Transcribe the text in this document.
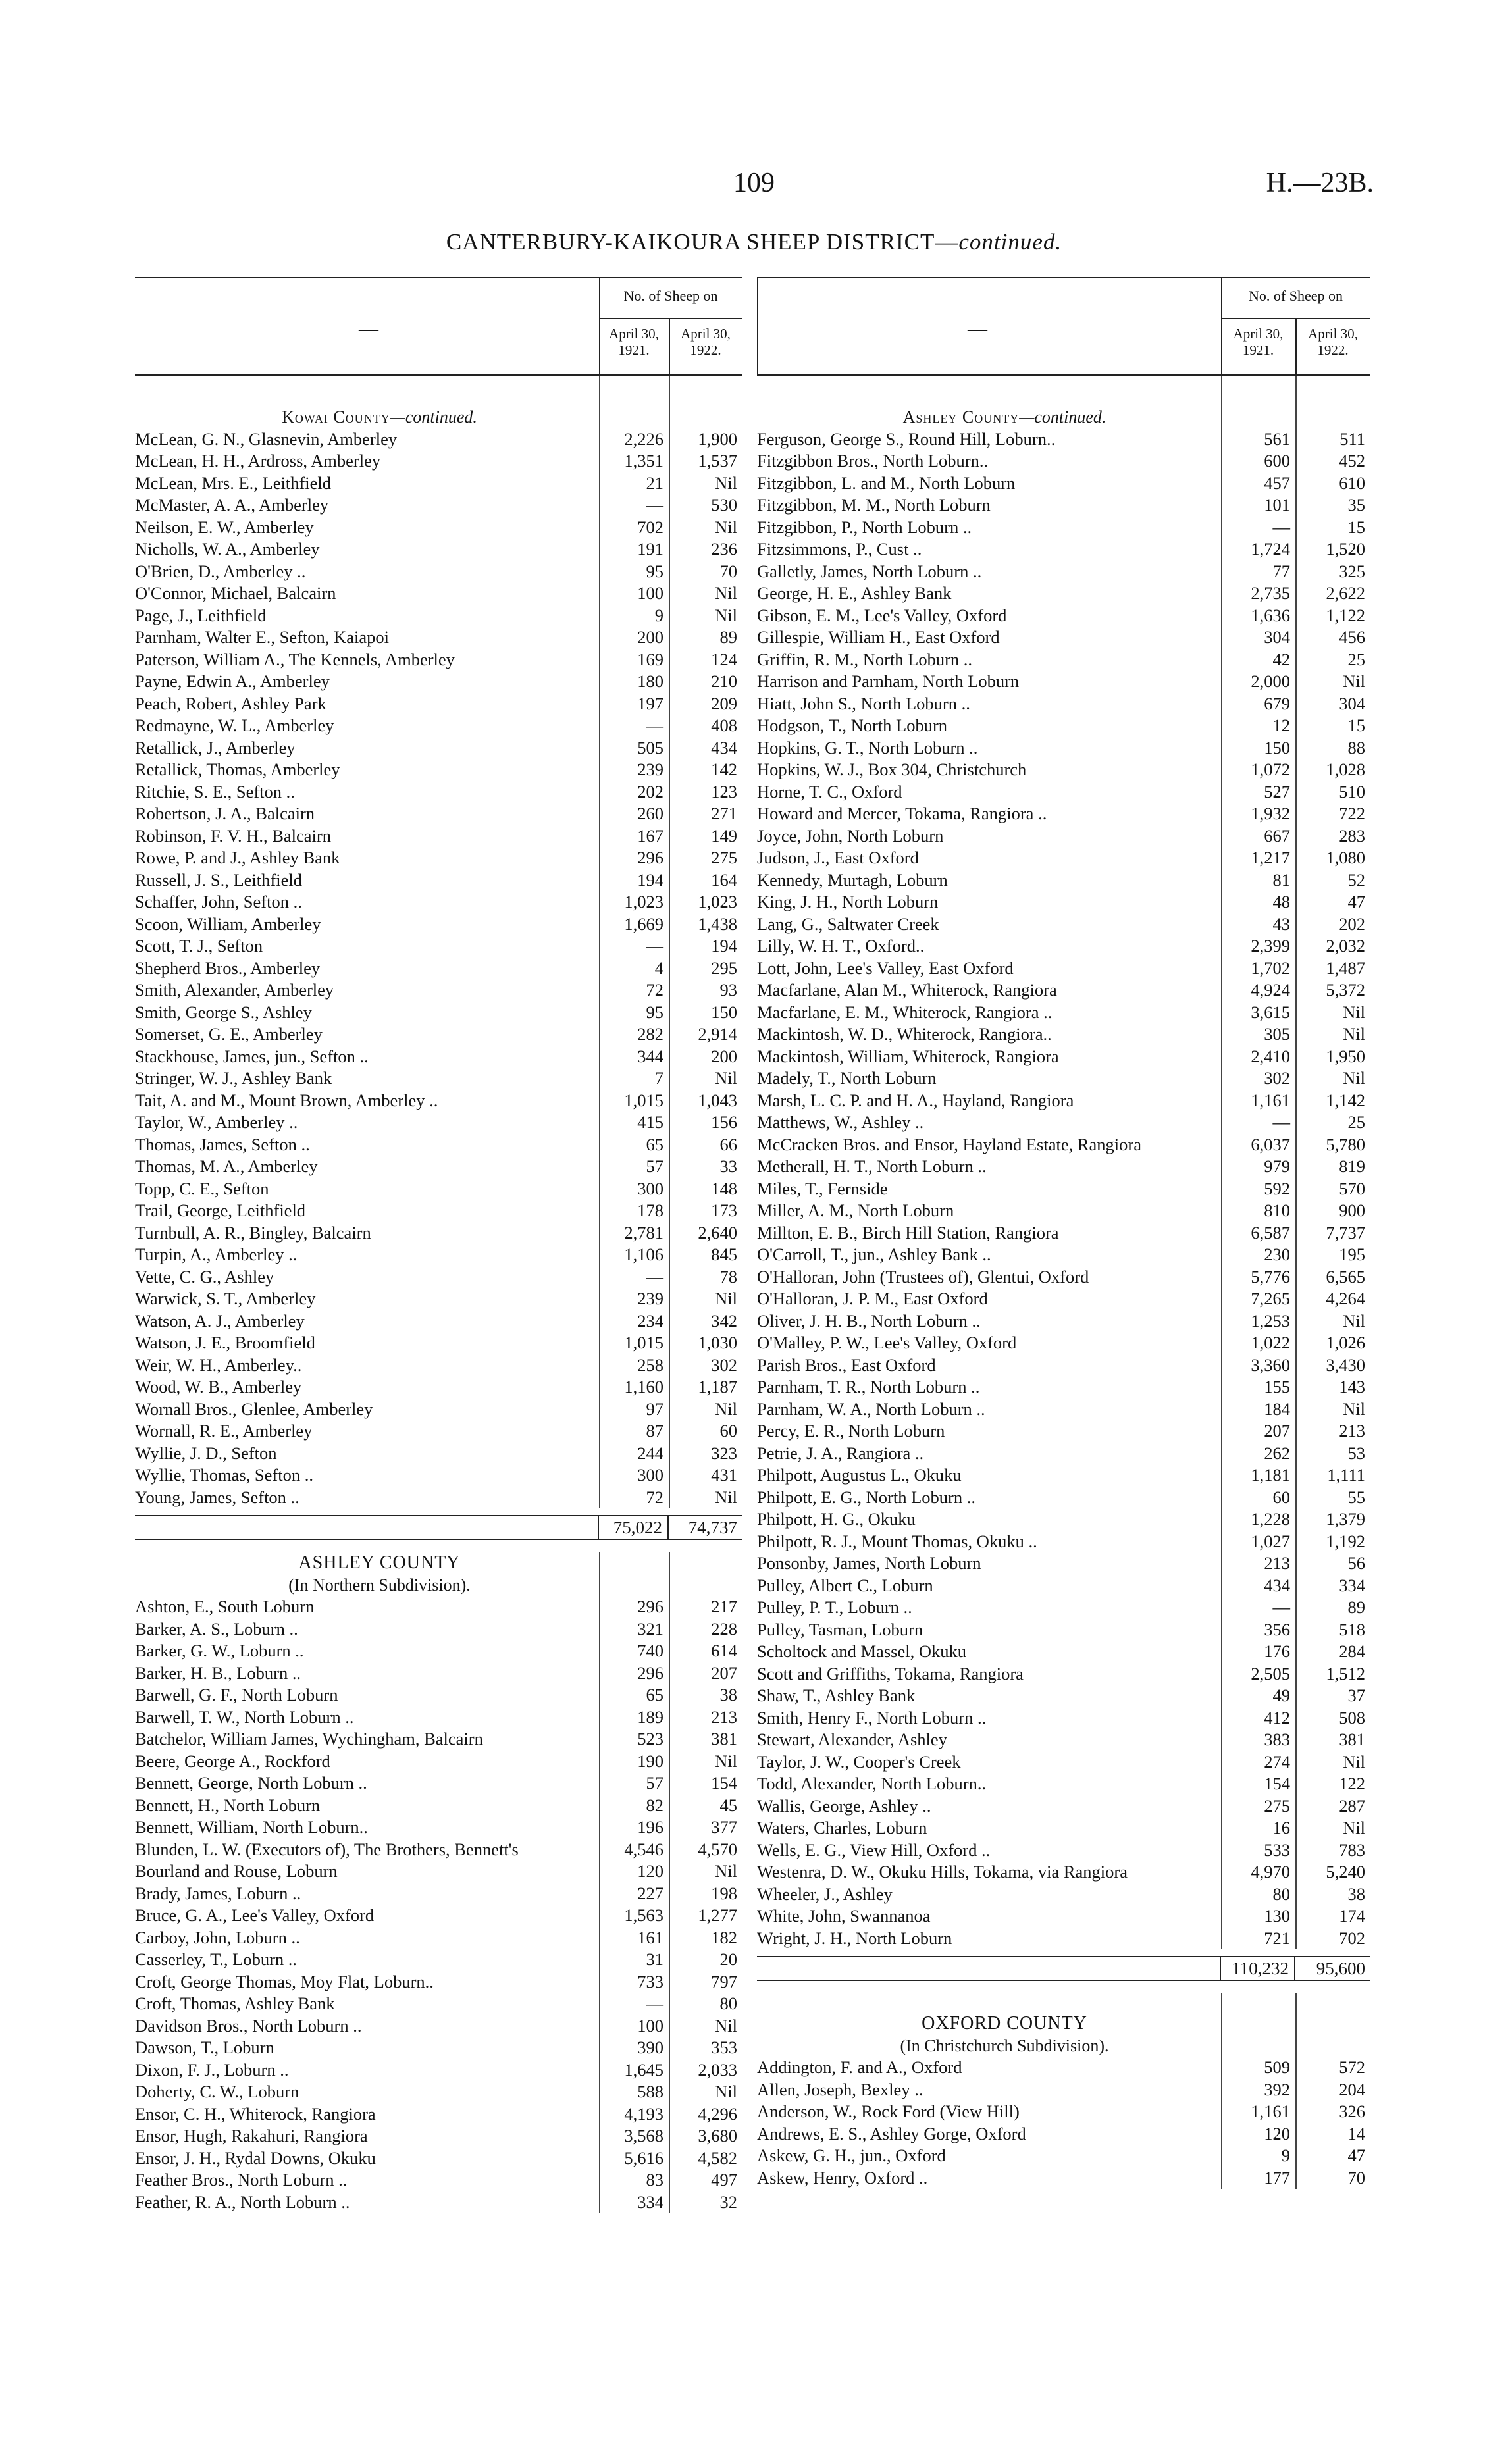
109	H.—23B.
CANTERBURY-KAIKOURA SHEEP DISTRICT—continued.
—
No. of Sheep on
April 30,
1921.
April 30,
1922.
Kowai County—continued.
McLean, G. N., Glasnevin, Amberley	2,226	1,900
McLean, H. H., Ardross, Amberley	1,351	1,537
McLean, Mrs. E., Leithfield	21	Nil
McMaster, A. A., Amberley	—	530
Neilson, E. W., Amberley	702	Nil
Nicholls, W. A., Amberley	191	236
O'Brien, D., Amberley ..	95	70
O'Connor, Michael, Balcairn	100	Nil
Page, J., Leithfield	9	Nil
Parnham, Walter E., Sefton, Kaiapoi	200	89
Paterson, William A., The Kennels, Amberley	169	124
Payne, Edwin A., Amberley	180	210
Peach, Robert, Ashley Park	197	209
Redmayne, W. L., Amberley	—	408
Retallick, J., Amberley	505	434
Retallick, Thomas, Amberley	239	142
Ritchie, S. E., Sefton ..	202	123
Robertson, J. A., Balcairn	260	271
Robinson, F. V. H., Balcairn	167	149
Rowe, P. and J., Ashley Bank	296	275
Russell, J. S., Leithfield	194	164
Schaffer, John, Sefton ..	1,023	1,023
Scoon, William, Amberley	1,669	1,438
Scott, T. J., Sefton	—	194
Shepherd Bros., Amberley	4	295
Smith, Alexander, Amberley	72	93
Smith, George S., Ashley	95	150
Somerset, G. E., Amberley	282	2,914
Stackhouse, James, jun., Sefton ..	344	200
Stringer, W. J., Ashley Bank	7	Nil
Tait, A. and M., Mount Brown, Amberley ..	1,015	1,043
Taylor, W., Amberley ..	415	156
Thomas, James, Sefton ..	65	66
Thomas, M. A., Amberley	57	33
Topp, C. E., Sefton	300	148
Trail, George, Leithfield	178	173
Turnbull, A. R., Bingley, Balcairn	2,781	2,640
Turpin, A., Amberley ..	1,106	845
Vette, C. G., Ashley	—	78
Warwick, S. T., Amberley	239	Nil
Watson, A. J., Amberley	234	342
Watson, J. E., Broomfield	1,015	1,030
Weir, W. H., Amberley..	258	302
Wood, W. B., Amberley	1,160	1,187
Wornall Bros., Glenlee, Amberley	97	Nil
Wornall, R. E., Amberley	87	60
Wyllie, J. D., Sefton	244	323
Wyllie, Thomas, Sefton ..	300	431
Young, James, Sefton ..	72	Nil
75,022	74,737
ASHLEY COUNTY
(In Northern Subdivision).
Ashton, E., South Loburn	296	217
Barker, A. S., Loburn ..	321	228
Barker, G. W., Loburn ..	740	614
Barker, H. B., Loburn ..	296	207
Barwell, G. F., North Loburn	65	38
Barwell, T. W., North Loburn ..	189	213
Batchelor, William James, Wychingham, Balcairn	523	381
Beere, George A., Rockford	190	Nil
Bennett, George, North Loburn ..	57	154
Bennett, H., North Loburn	82	45
Bennett, William, North Loburn..	196	377
Blunden, L. W. (Executors of), The Brothers, Bennett's	4,546	4,570
Bourland and Rouse, Loburn	120	Nil
Brady, James, Loburn ..	227	198
Bruce, G. A., Lee's Valley, Oxford	1,563	1,277
Carboy, John, Loburn ..	161	182
Casserley, T., Loburn ..	31	20
Croft, George Thomas, Moy Flat, Loburn..	733	797
Croft, Thomas, Ashley Bank	—	80
Davidson Bros., North Loburn ..	100	Nil
Dawson, T., Loburn	390	353
Dixon, F. J., Loburn ..	1,645	2,033
Doherty, C. W., Loburn	588	Nil
Ensor, C. H., Whiterock, Rangiora	4,193	4,296
Ensor, Hugh, Rakahuri, Rangiora	3,568	3,680
Ensor, J. H., Rydal Downs, Okuku	5,616	4,582
Feather Bros., North Loburn ..	83	497
Feather, R. A., North Loburn ..	334	32
—
No. of Sheep on
April 30,
1921.
April 30,
1922.
Ashley County—continued.
Ferguson, George S., Round Hill, Loburn..	561	511
Fitzgibbon Bros., North Loburn..	600	452
Fitzgibbon, L. and M., North Loburn	457	610
Fitzgibbon, M. M., North Loburn	101	35
Fitzgibbon, P., North Loburn ..	—	15
Fitzsimmons, P., Cust ..	1,724	1,520
Galletly, James, North Loburn ..	77	325
George, H. E., Ashley Bank	2,735	2,622
Gibson, E. M., Lee's Valley, Oxford	1,636	1,122
Gillespie, William H., East Oxford	304	456
Griffin, R. M., North Loburn ..	42	25
Harrison and Parnham, North Loburn	2,000	Nil
Hiatt, John S., North Loburn ..	679	304
Hodgson, T., North Loburn	12	15
Hopkins, G. T., North Loburn ..	150	88
Hopkins, W. J., Box 304, Christchurch	1,072	1,028
Horne, T. C., Oxford	527	510
Howard and Mercer, Tokama, Rangiora ..	1,932	722
Joyce, John, North Loburn	667	283
Judson, J., East Oxford	1,217	1,080
Kennedy, Murtagh, Loburn	81	52
King, J. H., North Loburn	48	47
Lang, G., Saltwater Creek	43	202
Lilly, W. H. T., Oxford..	2,399	2,032
Lott, John, Lee's Valley, East Oxford	1,702	1,487
Macfarlane, Alan M., Whiterock, Rangiora	4,924	5,372
Macfarlane, E. M., Whiterock, Rangiora ..	3,615	Nil
Mackintosh, W. D., Whiterock, Rangiora..	305	Nil
Mackintosh, William, Whiterock, Rangiora	2,410	1,950
Madely, T., North Loburn	302	Nil
Marsh, L. C. P. and H. A., Hayland, Rangiora	1,161	1,142
Matthews, W., Ashley ..	—	25
McCracken Bros. and Ensor, Hayland Estate, Rangiora	6,037	5,780
Metherall, H. T., North Loburn ..	979	819
Miles, T., Fernside	592	570
Miller, A. M., North Loburn	810	900
Millton, E. B., Birch Hill Station, Rangiora	6,587	7,737
O'Carroll, T., jun., Ashley Bank ..	230	195
O'Halloran, John (Trustees of), Glentui, Oxford	5,776	6,565
O'Halloran, J. P. M., East Oxford	7,265	4,264
Oliver, J. H. B., North Loburn ..	1,253	Nil
O'Malley, P. W., Lee's Valley, Oxford	1,022	1,026
Parish Bros., East Oxford	3,360	3,430
Parnham, T. R., North Loburn ..	155	143
Parnham, W. A., North Loburn ..	184	Nil
Percy, E. R., North Loburn	207	213
Petrie, J. A., Rangiora ..	262	53
Philpott, Augustus L., Okuku	1,181	1,111
Philpott, E. G., North Loburn ..	60	55
Philpott, H. G., Okuku	1,228	1,379
Philpott, R. J., Mount Thomas, Okuku ..	1,027	1,192
Ponsonby, James, North Loburn	213	56
Pulley, Albert C., Loburn	434	334
Pulley, P. T., Loburn ..	—	89
Pulley, Tasman, Loburn	356	518
Scholtock and Massel, Okuku	176	284
Scott and Griffiths, Tokama, Rangiora	2,505	1,512
Shaw, T., Ashley Bank	49	37
Smith, Henry F., North Loburn ..	412	508
Stewart, Alexander, Ashley	383	381
Taylor, J. W., Cooper's Creek	274	Nil
Todd, Alexander, North Loburn..	154	122
Wallis, George, Ashley ..	275	287
Waters, Charles, Loburn	16	Nil
Wells, E. G., View Hill, Oxford ..	533	783
Westenra, D. W., Okuku Hills, Tokama, via Rangiora	4,970	5,240
Wheeler, J., Ashley	80	38
White, John, Swannanoa	130	174
Wright, J. H., North Loburn	721	702
110,232	95,600
OXFORD COUNTY
(In Christchurch Subdivision).
Addington, F. and A., Oxford	509	572
Allen, Joseph, Bexley ..	392	204
Anderson, W., Rock Ford (View Hill)	1,161	326
Andrews, E. S., Ashley Gorge, Oxford	120	14
Askew, G. H., jun., Oxford	9	47
Askew, Henry, Oxford ..	177	70
